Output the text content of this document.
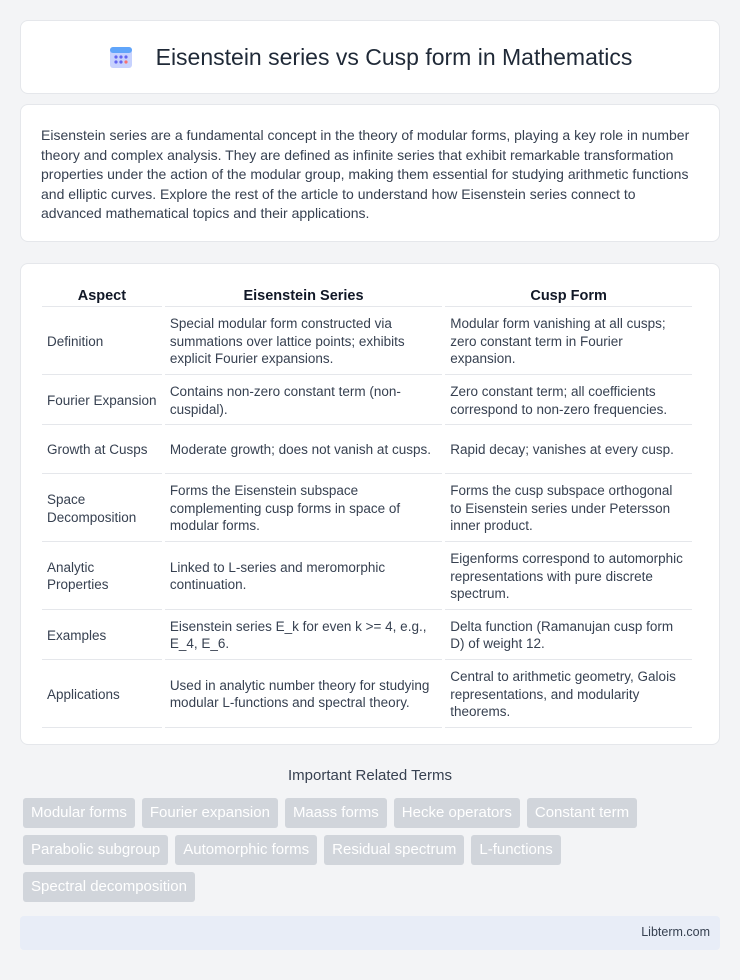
Eisenstein series vs Cusp form in Mathematics

Eisenstein series are a fundamental concept in the theory of modular forms, playing a key role in number theory and complex analysis. They are defined as infinite series that exhibit remarkable transformation properties under the action of the modular group, making them essential for studying arithmetic functions and elliptic curves. Explore the rest of the article to understand how Eisenstein series connect to advanced mathematical topics and their applications.

Aspect	Eisenstein Series	Cusp Form
Definition	Special modular form constructed via summations over lattice points; exhibits explicit Fourier expansions.	Modular form vanishing at all cusps; zero constant term in Fourier expansion.
Fourier Expansion	Contains non-zero constant term (non-cuspidal).	Zero constant term; all coefficients correspond to non-zero frequencies.
Growth at Cusps	Moderate growth; does not vanish at cusps.	Rapid decay; vanishes at every cusp.
Space Decomposition	Forms the Eisenstein subspace complementing cusp forms in space of modular forms.	Forms the cusp subspace orthogonal to Eisenstein series under Petersson inner product.
Analytic Properties	Linked to L-series and meromorphic continuation.	Eigenforms correspond to automorphic representations with pure discrete spectrum.
Examples	Eisenstein series E_k for even k >= 4, e.g., E_4, E_6.	Delta function (Ramanujan cusp form D) of weight 12.
Applications	Used in analytic number theory for studying modular L-functions and spectral theory.	Central to arithmetic geometry, Galois representations, and modularity theorems.
Important Related Terms
Modular forms	Fourier expansion	Maass forms	Hecke operators	Constant term
Parabolic subgroup	Automorphic forms	Residual spectrum	L-functions
Spectral decomposition
Libterm.com
